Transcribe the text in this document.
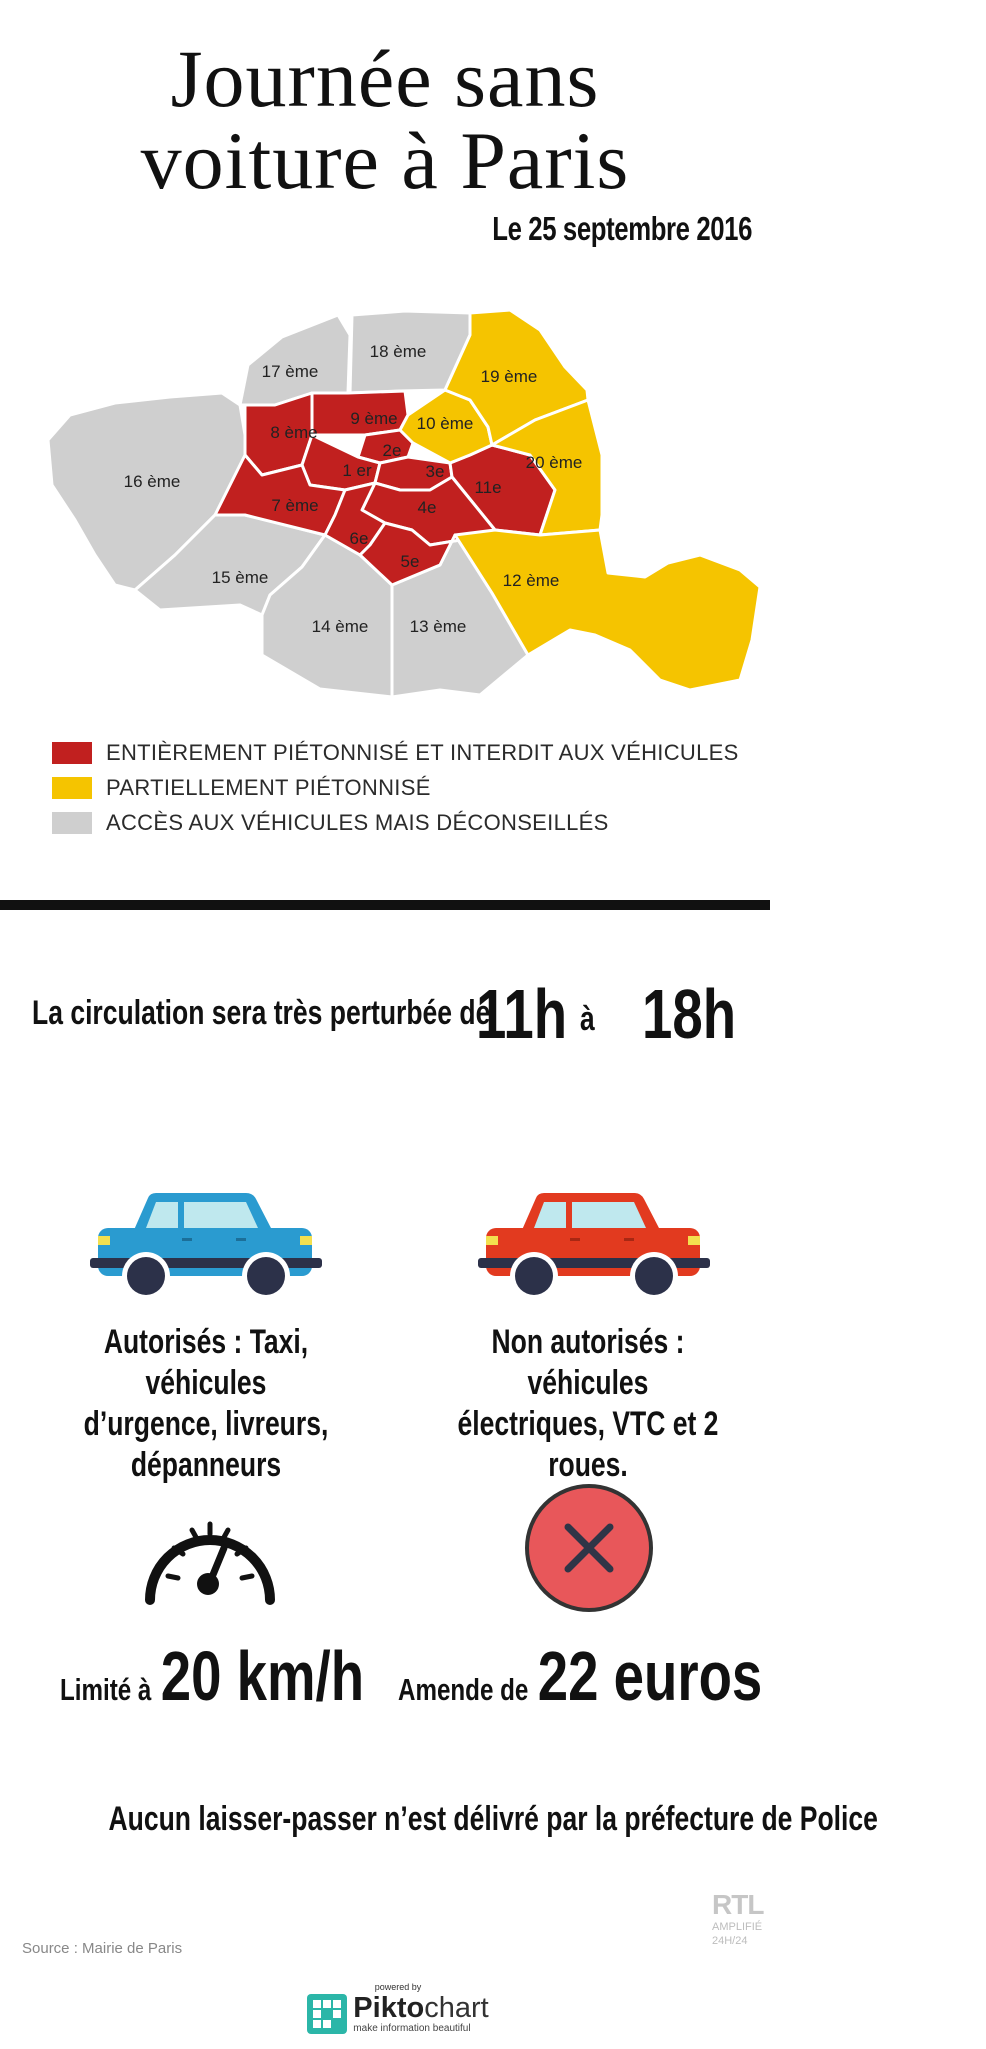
Journée sans
voiture à Paris
Le 25 septembre 2016
16 ème
17 ème
18 ème
19 ème
10 ème
20 ème
9 ème
8 ème
2e
1 er	3e
11e
7 ème	4e
6e
5e
12 ème
15 ème
14 ème 13 ème
ENTIÈREMENT PIÉTONNISÉ ET INTERDIT AUX VÉHICULES
PARTIELLEMENT PIÉTONNISÉ
ACCÈS AUX VÉHICULES MAIS DÉCONSEILLÉS
La circulation sera très perturbée de
11h à 18h
Autorisés : Taxi, véhicules
d’urgence, livreurs,
dépanneurs
Non autorisés : véhicules
électriques, VTC et 2 roues.
Limité à 20 km/h Amende de 22 euros
Aucun laisser-passer n’est délivré par la préfecture de Police
Source : Mairie de Paris
RTL
AMPLIFIÉ
24H/24
powered by
Piktochart
make information beautiful
